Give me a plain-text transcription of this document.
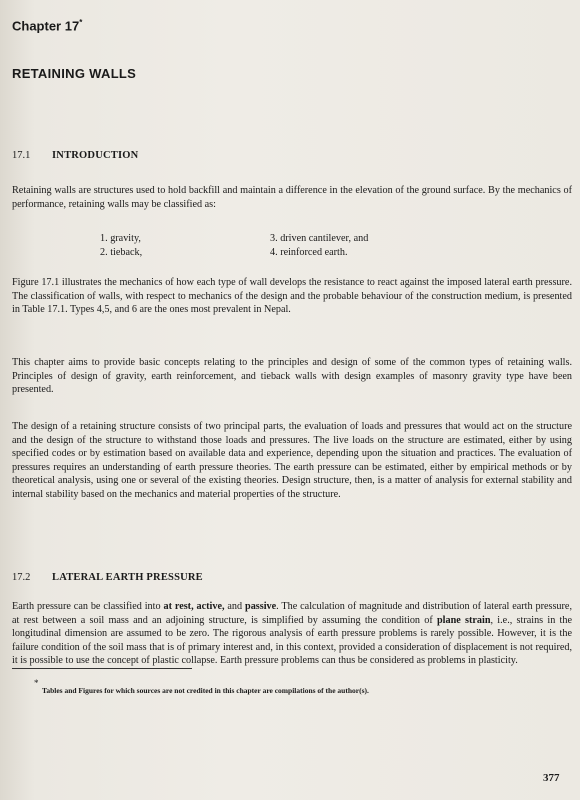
Chapter 17*
RETAINING WALLS
17.1 INTRODUCTION

Retaining walls are structures used to hold backfill and maintain a difference in the elevation of the ground surface. By the mechanics of performance, retaining walls may be classified as:

1. gravity,	3. driven cantilever, and
2. tieback,	4. reinforced earth.

Figure 17.1 illustrates the mechanics of how each type of wall develops the resistance to react against the imposed lateral earth pressure. The classification of walls, with respect to mechanics of the design and the probable behaviour of the construction medium, is presented in Table 17.1. Types 4,5, and 6 are the ones most prevalent in Nepal.

This chapter aims to provide basic concepts relating to the principles and design of some of the common types of retaining walls. Principles of design of gravity, earth reinforcement, and tieback walls with design examples of masonry gravity type have been presented.

The design of a retaining structure consists of two principal parts, the evaluation of loads and pressures that would act on the structure and the design of the structure to withstand those loads and pressures. The live loads on the structure are estimated, either by using specified codes or by estimation based on available data and experience, depending upon the situation and practices. The evaluation of pressures requires an understanding of earth pressure theories. The earth pressure can be estimated, either by empirical methods or by theoretical analysis, using one or several of the existing theories. Design structure, then, is a matter of analysis for external stability and internal stability based on the mechanics and material properties of the structure.

17.2 LATERAL EARTH PRESSURE

Earth pressure can be classified into at rest, active, and passive. The calculation of magnitude and distribution of lateral earth pressure, at rest between a soil mass and an adjoining structure, is simplified by assuming the condition of plane strain, i.e., strains in the longitudinal dimension are assumed to be zero. The rigorous analysis of earth pressure problems is rarely possible. However, it is the failure condition of the soil mass that is of primary interest and, in this context, provided a consideration of displacement is not required, it is possible to use the concept of plastic collapse. Earth pressure problems can thus be considered as problems in plasticity.

*
Tables and Figures for which sources are not credited in this chapter are compilations of the author(s).
377
